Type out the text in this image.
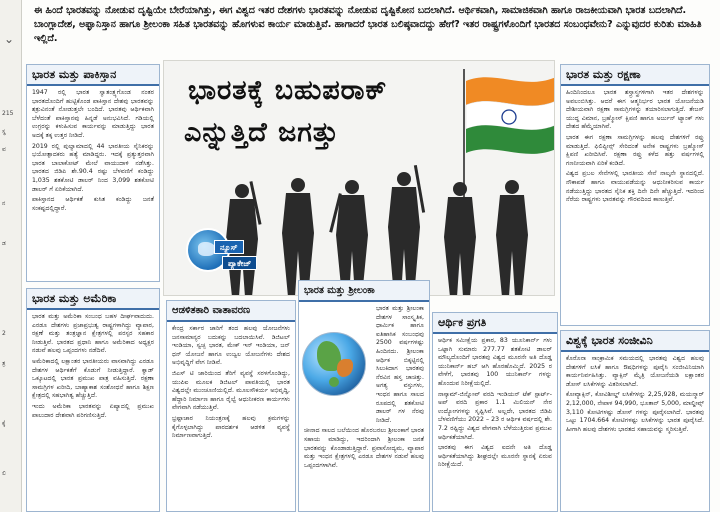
⌄
215
ಸ್ಥ
ವ
ನ
ಡ
2
ತ್ರ
ಕ್ಕೆ
ಲಿ
ಈ ಹಿಂದೆ ಭಾರತವನ್ನು ನೋಡುವ ದೃಷ್ಟಿಯೇ ಬೇರೆಯಾಗಿತ್ತು, ಈಗ ವಿಶ್ವದ ಇತರ ದೇಶಗಳು ಭಾರತವನ್ನು ನೋಡುವ ದೃಷ್ಟಿಕೋನ ಬದಲಾಗಿದೆ. ಆರ್ಥಿಕವಾಗಿ, ಸಾಮಾಜಿಕವಾಗಿ ಹಾಗೂ ರಾಜಕೀಯವಾಗಿ ಭಾರತ ಬದಲಾಗಿದೆ. ಬಾಂಗ್ಲಾದೇಶ, ಅಫ್ಘಾನಿಸ್ತಾನ ಹಾಗೂ ಶ್ರೀಲಂಕಾ ಸಹಿತ ಭಾರತವನ್ನು ಹೊಗಳುವ ಕಾರ್ಯ ಮಾಡುತ್ತಿವೆ. ಹಾಗಾದರೆ ಭಾರತ ಬಲಿಷ್ಠವಾದದ್ದು ಹೇಗೆ? ಇತರ ರಾಷ್ಟ್ರಗಳೊಂದಿಗೆ ಭಾರತದ ಸಂಬಂಧವೇನು? ಎನ್ನುವುದರ ಕುರಿತು ಮಾಹಿತಿ ಇಲ್ಲಿದೆ.
ಭಾರತ ಮತ್ತು ಪಾಕಿಸ್ತಾನ

1947 ರಲ್ಲಿ ಭಾರತ ಸ್ವಾತಂತ್ರ್ಯಗೊಂಡ ನಂತರ ಭಾರತದೊಂದಿಗೆ ಹುಟ್ಟಿಕೊಂಡ ಪಾಕಿಸ್ತಾನ ದೇಶವು ಭಾರತವನ್ನು ಶತ್ರುವಿನಂತೆ ನೋಡುತ್ತಲೇ ಬಂದಿದೆ. ಭಾರತವು ಆರ್ಥಿಕವಾಗಿ ಬೆಳೆದಂತೆ ಪಾಕಿಸ್ತಾನವು ಹಿನ್ನಡೆ ಅನುಭವಿಸಿದೆ. ಗಡಿಯಲ್ಲಿ ಉಗ್ರರನ್ನು ಕಳುಹಿಸುವ ಕಾರ್ಯವನ್ನು ಮಾಡುತ್ತಿದ್ದು ಭಾರತ ಅದಕ್ಕೆ ತಕ್ಕ ಉತ್ತರ ನೀಡಿದೆ.

2019 ರಲ್ಲಿ ಪುಲ್ವಾಮಾದಲ್ಲಿ 44 ಭಾರತೀಯ ಸೈನಿಕರನ್ನು ಭಯೋತ್ಪಾದಕರು ಹತ್ಯೆ ಮಾಡಿದ್ದರು. ಇದಕ್ಕೆ ಪ್ರತ್ಯುತ್ತರವಾಗಿ ಭಾರತ ಬಾಲಾಕೋಟ್ ಮೇಲೆ ವಾಯುದಾಳಿ ನಡೆಸಿತ್ತು. ಭಾರತದ ಜಿಡಿಪಿ ಶೇ.90.4 ರಷ್ಟು ಬೆಳವಣಿಗೆ ಕಂಡಿದ್ದು 1,035 ಶತಕೋಟಿ ಡಾಲರ್ ನಿಂದ 3,099 ಶತಕೋಟಿ ಡಾಲರ್ ಗೆ ಏರಿಕೆಯಾಗಿದೆ.

ಪಾಕಿಸ್ತಾನದ ಆರ್ಥಿಕತೆ ಕುಸಿತ ಕಂಡಿದ್ದು ಜನತೆ ಸಂಕಷ್ಟದಲ್ಲಿದ್ದಾರೆ.

ಭಾರತ ಮತ್ತು ಅಮೆರಿಕಾ

ಭಾರತ ಮತ್ತು ಅಮೆರಿಕಾ ಸಂಬಂಧ ಬಹಳ ದೀರ್ಘವಾದುದು. ಎರಡೂ ದೇಶಗಳು ಪ್ರಜಾಪ್ರಭುತ್ವ ರಾಷ್ಟ್ರಗಳಾಗಿದ್ದು ವ್ಯಾಪಾರ, ರಕ್ಷಣೆ ಮತ್ತು ತಂತ್ರಜ್ಞಾನ ಕ್ಷೇತ್ರಗಳಲ್ಲಿ ಪರಸ್ಪರ ಸಹಕಾರ ನೀಡುತ್ತಿವೆ. ಭಾರತದ ಪ್ರಧಾನಿ ಹಾಗೂ ಅಮೆರಿಕಾದ ಅಧ್ಯಕ್ಷರ ನಡುವೆ ಹಲವು ಒಪ್ಪಂದಗಳು ನಡೆದಿವೆ.

ಅಮೆರಿಕಾದಲ್ಲಿ ಲಕ್ಷಾಂತರ ಭಾರತೀಯರು ವಾಸವಾಗಿದ್ದು ಎರಡೂ ದೇಶಗಳ ಆರ್ಥಿಕತೆಗೆ ಕೊಡುಗೆ ನೀಡುತ್ತಿದ್ದಾರೆ. ಕ್ವಾಡ್ ಒಕ್ಕೂಟದಲ್ಲಿ ಭಾರತ ಪ್ರಮುಖ ಪಾತ್ರ ವಹಿಸುತ್ತಿದೆ. ರಕ್ಷಣಾ ಸಾಮಗ್ರಿಗಳ ಖರೀದಿ, ಬಾಹ್ಯಾಕಾಶ ಸಂಶೋಧನೆ ಹಾಗೂ ಶಿಕ್ಷಣ ಕ್ಷೇತ್ರದಲ್ಲಿ ಸಹಭಾಗಿತ್ವ ಹೆಚ್ಚುತ್ತಿದೆ.

ಇಂದು ಅಮೆರಿಕಾ ಭಾರತವನ್ನು ಏಷ್ಯಾದಲ್ಲಿ ಪ್ರಮುಖ ಪಾಲುದಾರ ದೇಶವಾಗಿ ಪರಿಗಣಿಸುತ್ತಿದೆ.

ಭಾರತಕ್ಕೆ ಬಹುಪರಾಕ್
ಎನ್ನುತ್ತಿದೆ ಜಗತ್ತು
ನ್ಯೂಸ್
ಪ್ಯಾಕೇಜ್
ಭಾರತ ಮತ್ತು ರಕ್ಷಣಾ

ಹಿಂದಿನಿಂದಲೂ ಭಾರತ ಶಸ್ತ್ರಾಸ್ತ್ರಗಳಿಗಾಗಿ ಇತರ ದೇಶಗಳನ್ನು ಅವಲಂಬಿಸಿತ್ತು. ಆದರೆ ಈಗ ಆತ್ಮನಿರ್ಭರ ಭಾರತ ಯೋಜನೆಯಡಿ ದೇಶೀಯವಾಗಿ ರಕ್ಷಣಾ ಸಾಮಗ್ರಿಗಳನ್ನು ತಯಾರಿಸಲಾಗುತ್ತಿದೆ. ತೇಜಸ್ ಯುದ್ಧ ವಿಮಾನ, ಬ್ರಹ್ಮೋಸ್ ಕ್ಷಿಪಣಿ ಹಾಗೂ ಅರ್ಜುನ್ ಟ್ಯಾಂಕ್ ಗಳು ದೇಶದ ಹೆಮ್ಮೆಯಾಗಿವೆ.

ಭಾರತ ಈಗ ರಕ್ಷಣಾ ಸಾಮಗ್ರಿಗಳನ್ನು ಹಲವು ದೇಶಗಳಿಗೆ ರಫ್ತು ಮಾಡುತ್ತಿದೆ. ಫಿಲಿಪ್ಪೀನ್ಸ್ ಸೇರಿದಂತೆ ಅನೇಕ ರಾಷ್ಟ್ರಗಳು ಬ್ರಹ್ಮೋಸ್ ಕ್ಷಿಪಣಿ ಖರೀದಿಸಿವೆ. ರಕ್ಷಣಾ ರಫ್ತು ಕಳೆದ ಹತ್ತು ವರ್ಷಗಳಲ್ಲಿ ಗಣನೀಯವಾಗಿ ಏರಿಕೆ ಕಂಡಿದೆ.

ವಿಶ್ವದ ಪ್ರಬಲ ಸೇನೆಗಳಲ್ಲಿ ಭಾರತೀಯ ಸೇನೆ ನಾಲ್ಕನೇ ಸ್ಥಾನದಲ್ಲಿದೆ. ನೌಕಾಪಡೆ ಹಾಗೂ ವಾಯುಪಡೆಯನ್ನು ಆಧುನೀಕರಿಸುವ ಕಾರ್ಯ ನಡೆಯುತ್ತಿದ್ದು ಭಾರತದ ಸೈನಿಕ ಶಕ್ತಿ ದಿನೇ ದಿನೇ ಹೆಚ್ಚುತ್ತಿದೆ. ಇದರಿಂದ ನೆರೆಯ ರಾಷ್ಟ್ರಗಳು ಭಾರತವನ್ನು ಗೌರವದಿಂದ ಕಾಣುತ್ತಿವೆ.

ಭಾರತ ಮತ್ತು ಶ್ರೀಲಂಕಾ

ಭಾರತ ಮತ್ತು ಶ್ರೀಲಂಕಾ ದೇಶಗಳ ಸಾಂಸ್ಕೃತಿಕ, ಧಾರ್ಮಿಕ ಹಾಗೂ ಐತಿಹಾಸಿಕ ಸಂಬಂಧವು 2500 ವರ್ಷಗಳಷ್ಟು ಹಿಂದಿನದು. ಶ್ರೀಲಂಕಾ ಆರ್ಥಿಕ ಬಿಕ್ಕಟ್ಟಿನಲ್ಲಿ ಸಿಲುಕಿದಾಗ ಭಾರತವು ನೆರವಿನ ಹಸ್ತ ಚಾಚಿತ್ತು. ಅಗತ್ಯ ವಸ್ತುಗಳು, ಇಂಧನ ಹಾಗೂ ಸಾಲದ ರೂಪದಲ್ಲಿ ಶತಕೋಟಿ ಡಾಲರ್ ಗಳ ನೆರವು ನೀಡಿದೆ.

ಚೀನಾದ ಸಾಲದ ಬಲೆಯಿಂದ ಹೊರಬರಲು ಶ್ರೀಲಂಕಾಗೆ ಭಾರತ ಸಹಾಯ ಮಾಡಿದ್ದು, ಇದರಿಂದಾಗಿ ಶ್ರೀಲಂಕಾ ಜನತೆ ಭಾರತವನ್ನು ಕೊಂಡಾಡುತ್ತಿದ್ದಾರೆ. ಪ್ರವಾಸೋದ್ಯಮ, ವ್ಯಾಪಾರ ಮತ್ತು ಇಂಧನ ಕ್ಷೇತ್ರಗಳಲ್ಲಿ ಎರಡೂ ದೇಶಗಳ ನಡುವೆ ಹಲವು ಒಪ್ಪಂದಗಳಾಗಿವೆ.

ಆಡಳಿತಕಾರಿ ವಾತಾವರಣ

ಕೇಂದ್ರ ಸರ್ಕಾರ ಜಾರಿಗೆ ತಂದ ಹಲವು ಯೋಜನೆಗಳು ಜನಸಾಮಾನ್ಯರ ಬದುಕನ್ನು ಬದಲಾಯಿಸಿವೆ. ಡಿಜಿಟಲ್ ಇಂಡಿಯಾ, ಸ್ವಚ್ಛ ಭಾರತ, ಮೇಕ್ ಇನ್ ಇಂಡಿಯಾ, ಜನ್ ಧನ್ ಯೋಜನೆ ಹಾಗೂ ಉಜ್ವಲ ಯೋಜನೆಗಳು ದೇಶದ ಅಭಿವೃದ್ಧಿಗೆ ವೇಗ ನೀಡಿವೆ.

ಜಿಎಸ್ ಟಿ ಜಾರಿಯಿಂದ ತೆರಿಗೆ ವ್ಯವಸ್ಥೆ ಸರಳಗೊಂಡಿದ್ದು, ಯುಪಿಐ ಮೂಲಕ ಡಿಜಿಟಲ್ ಪಾವತಿಯಲ್ಲಿ ಭಾರತ ವಿಶ್ವದಲ್ಲೇ ಮುಂಚೂಣಿಯಲ್ಲಿದೆ. ಮೂಲಸೌಕರ್ಯ ಅಭಿವೃದ್ಧಿ, ಹೆದ್ದಾರಿ ನಿರ್ಮಾಣ ಹಾಗೂ ರೈಲ್ವೆ ಆಧುನೀಕರಣ ಕಾರ್ಯಗಳು ವೇಗವಾಗಿ ನಡೆಯುತ್ತಿವೆ.

ಭ್ರಷ್ಟಾಚಾರ ನಿಯಂತ್ರಣಕ್ಕೆ ಹಲವು ಕ್ರಮಗಳನ್ನು ಕೈಗೊಳ್ಳಲಾಗಿದ್ದು ಪಾರದರ್ಶಕ ಆಡಳಿತ ವ್ಯವಸ್ಥೆ ನಿರ್ಮಾಣವಾಗುತ್ತಿದೆ.

ಆರ್ಥಿಕ ಪ್ರಗತಿ

ಆರ್ಥಿಕ ಸಮೀಕ್ಷೆಯ ಪ್ರಕಾರ, 83 ಯೂನಿಕಾರ್ನ್ ಗಳು ಒಟ್ಟಾಗಿ ಸುಮಾರು 277.77 ಶತಕೋಟಿ ಡಾಲರ್ ಮೌಲ್ಯದೊಂದಿಗೆ ಭಾರತವು ವಿಶ್ವದ ಮೂರನೇ ಅತಿ ದೊಡ್ಡ ಯುನಿಕಾರ್ನ್ ಹಬ್ ಆಗಿ ಹೊರಹೊಮ್ಮಿದೆ. 2025 ರ ವೇಳೆಗೆ, ಭಾರತವು 100 ಯುನಿಕಾರ್ನ್ ಗಳನ್ನು ಹೊಂದುವ ನಿರೀಕ್ಷೆಯಲ್ಲಿದೆ.

ನಾಸ್ಕಾಮ್-ಜಿನ್ನೋವ್ ವರದಿ ಇಂಡಿಯನ್ ಟೆಕ್ ಸ್ಟಾರ್ಟ್-ಅಪ್ ವರದಿ ಪ್ರಕಾರ 1.1 ಮಿಲಿಯನ್ ನೇರ ಉದ್ಯೋಗಗಳನ್ನು ಸೃಷ್ಟಿಸಿವೆ. ಅಲ್ಲದೇ, ಭಾರತದ ಜಿಡಿಪಿ ಬೆಳವಣಿಗೆಯು 2022 – 23 ರ ಆರ್ಥಿಕ ವರ್ಷದಲ್ಲಿ ಶೇ. 7.2 ರಷ್ಟಿದ್ದು ವಿಶ್ವದ ವೇಗವಾಗಿ ಬೆಳೆಯುತ್ತಿರುವ ಪ್ರಮುಖ ಆರ್ಥಿಕತೆಯಾಗಿದೆ.

ಭಾರತವು ಈಗ ವಿಶ್ವದ ಐದನೇ ಅತಿ ದೊಡ್ಡ ಆರ್ಥಿಕತೆಯಾಗಿದ್ದು ಶೀಘ್ರದಲ್ಲೇ ಮೂರನೇ ಸ್ಥಾನಕ್ಕೆ ಏರುವ ನಿರೀಕ್ಷೆಯಿದೆ.

ವಿಶ್ವಕ್ಕೆ ಭಾರತ ಸಂಜೀವಿನಿ

ಕೊರೊನಾ ಸಾಂಕ್ರಾಮಿಕ ಸಮಯದಲ್ಲಿ ಭಾರತವು ವಿಶ್ವದ ಹಲವು ದೇಶಗಳಿಗೆ ಲಸಿಕೆ ಹಾಗೂ ಔಷಧಿಗಳನ್ನು ಪೂರೈಸಿ ಸಂಜೀವಿನಿಯಾಗಿ ಕಾರ್ಯನಿರ್ವಹಿಸಿತ್ತು. ವ್ಯಾಕ್ಸಿನ್ ಮೈತ್ರಿ ಯೋಜನೆಯಡಿ ಲಕ್ಷಾಂತರ ಡೋಸ್ ಲಸಿಕೆಗಳನ್ನು ವಿತರಿಸಲಾಗಿದೆ.

ಕೋವ್ಯಾಕ್ಸಿನ್, ಕೋವಿಶೀಲ್ಡ್ ಲಸಿಕೆಗಳನ್ನು 2,25,928, ಮಯನ್ಮಾರ್ 2,12,000, ನೇಪಾಳ 94,990, ಭೂತಾನ್ 5,000, ಮಾಲ್ಡೀವ್ಸ್ 3,110 ಕೋಟಿಗಳಷ್ಟು ಡೋಸ್ ಗಳನ್ನು ಪೂರೈಸಲಾಗಿದೆ. ಭಾರತವು ಒಟ್ಟು 1704.664 ಕೋಟಿಗಳಷ್ಟು ಲಸಿಕೆಗಳನ್ನು ಭಾರತ ಪೂರೈಸಿದೆ. ಹೀಗಾಗಿ ಹಲವು ದೇಶಗಳು ಭಾರತದ ಸಹಾಯವನ್ನು ಸ್ಮರಿಸುತ್ತಿವೆ.
